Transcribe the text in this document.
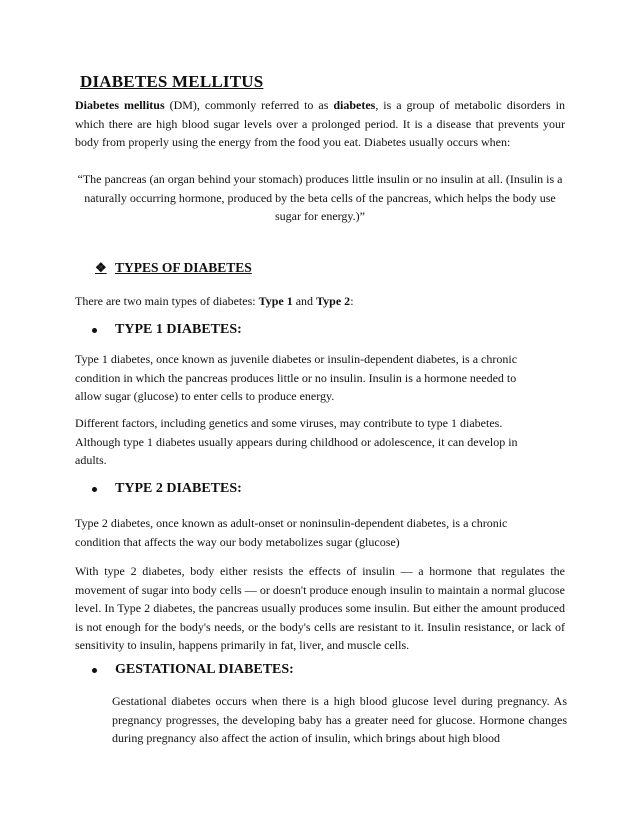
DIABETES MELLITUS

Diabetes mellitus (DM), commonly referred to as diabetes, is a group of metabolic disorders in which there are high blood sugar levels over a prolonged period. It is a disease that prevents your body from properly using the energy from the food you eat. Diabetes usually occurs when:

“The pancreas (an organ behind your stomach) produces little insulin or no insulin at all. (Insulin is a naturally occurring hormone, produced by the beta cells of the pancreas, which helps the body use sugar for energy.)”

❖ TYPES OF DIABETES

There are two main types of diabetes: Type 1 and Type 2:

TYPE 1 DIABETES:

Type 1 diabetes, once known as juvenile diabetes or insulin-dependent diabetes, is a chronic
condition in which the pancreas produces little or no insulin. Insulin is a hormone needed to
allow sugar (glucose) to enter cells to produce energy.

Different factors, including genetics and some viruses, may contribute to type 1 diabetes.
Although type 1 diabetes usually appears during childhood or adolescence, it can develop in
adults.

TYPE 2 DIABETES:

Type 2 diabetes, once known as adult-onset or noninsulin-dependent diabetes, is a chronic
condition that affects the way our body metabolizes sugar (glucose)

With type 2 diabetes, body either resists the effects of insulin — a hormone that regulates the movement of sugar into body cells — or doesn't produce enough insulin to maintain a normal glucose level. In Type 2 diabetes, the pancreas usually produces some insulin. But either the amount produced is not enough for the body's needs, or the body's cells are resistant to it. Insulin resistance, or lack of sensitivity to insulin, happens primarily in fat, liver, and muscle cells.

GESTATIONAL DIABETES:

Gestational diabetes occurs when there is a high blood glucose level during pregnancy. As pregnancy progresses, the developing baby has a greater need for glucose. Hormone changes during pregnancy also affect the action of insulin, which brings about high blood
